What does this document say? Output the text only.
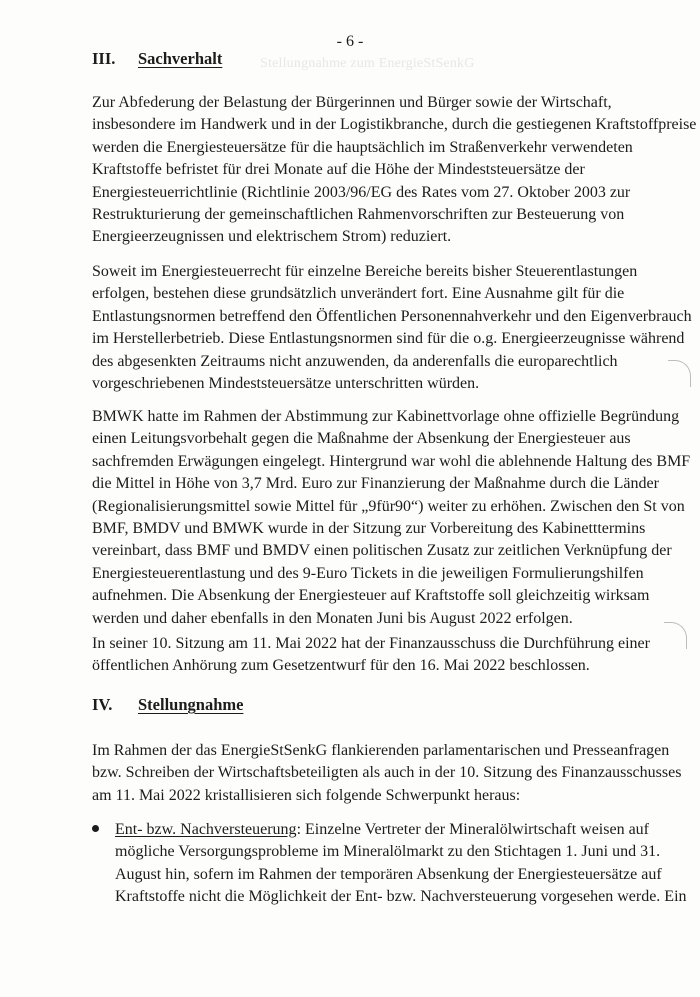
- 6 -
Stellungnahme zum EnergieStSenkG
III. Sachverhalt
Zur Abfederung der Belastung der Bürgerinnen und Bürger sowie der Wirtschaft,
insbesondere im Handwerk und in der Logistikbranche, durch die gestiegenen Kraftstoffpreise
werden die Energiesteuersätze für die hauptsächlich im Straßenverkehr verwendeten
Kraftstoffe befristet für drei Monate auf die Höhe der Mindeststeuersätze der
Energiesteuerrichtlinie (Richtlinie 2003/96/EG des Rates vom 27. Oktober 2003 zur
Restrukturierung der gemeinschaftlichen Rahmenvorschriften zur Besteuerung von
Energieerzeugnissen und elektrischem Strom) reduziert.
Soweit im Energiesteuerrecht für einzelne Bereiche bereits bisher Steuerentlastungen
erfolgen, bestehen diese grundsätzlich unverändert fort. Eine Ausnahme gilt für die
Entlastungsnormen betreffend den Öffentlichen Personennahverkehr und den Eigenverbrauch
im Herstellerbetrieb. Diese Entlastungsnormen sind für die o.g. Energieerzeugnisse während
des abgesenkten Zeitraums nicht anzuwenden, da anderenfalls die europarechtlich
vorgeschriebenen Mindeststeuersätze unterschritten würden.
BMWK hatte im Rahmen der Abstimmung zur Kabinettvorlage ohne offizielle Begründung
einen Leitungsvorbehalt gegen die Maßnahme der Absenkung der Energiesteuer aus
sachfremden Erwägungen eingelegt. Hintergrund war wohl die ablehnende Haltung des BMF
die Mittel in Höhe von 3,7 Mrd. Euro zur Finanzierung der Maßnahme durch die Länder
(Regionalisierungsmittel sowie Mittel für „9für90“) weiter zu erhöhen. Zwischen den St von
BMF, BMDV und BMWK wurde in der Sitzung zur Vorbereitung des Kabinetttermins
vereinbart, dass BMF und BMDV einen politischen Zusatz zur zeitlichen Verknüpfung der
Energiesteuerentlastung und des 9-Euro Tickets in die jeweiligen Formulierungshilfen
aufnehmen. Die Absenkung der Energiesteuer auf Kraftstoffe soll gleichzeitig wirksam
werden und daher ebenfalls in den Monaten Juni bis August 2022 erfolgen.
In seiner 10. Sitzung am 11. Mai 2022 hat der Finanzausschuss die Durchführung einer
öffentlichen Anhörung zum Gesetzentwurf für den 16. Mai 2022 beschlossen.
IV. Stellungnahme
Im Rahmen der das EnergieStSenkG flankierenden parlamentarischen und Presseanfragen
bzw. Schreiben der Wirtschaftsbeteiligten als auch in der 10. Sitzung des Finanzausschusses
am 11. Mai 2022 kristallisieren sich folgende Schwerpunkt heraus:
Ent- bzw. Nachversteuerung: Einzelne Vertreter der Mineralölwirtschaft weisen auf
mögliche Versorgungsprobleme im Mineralölmarkt zu den Stichtagen 1. Juni und 31.
August hin, sofern im Rahmen der temporären Absenkung der Energiesteuersätze auf
Kraftstoffe nicht die Möglichkeit der Ent- bzw. Nachversteuerung vorgesehen werde. Ein
